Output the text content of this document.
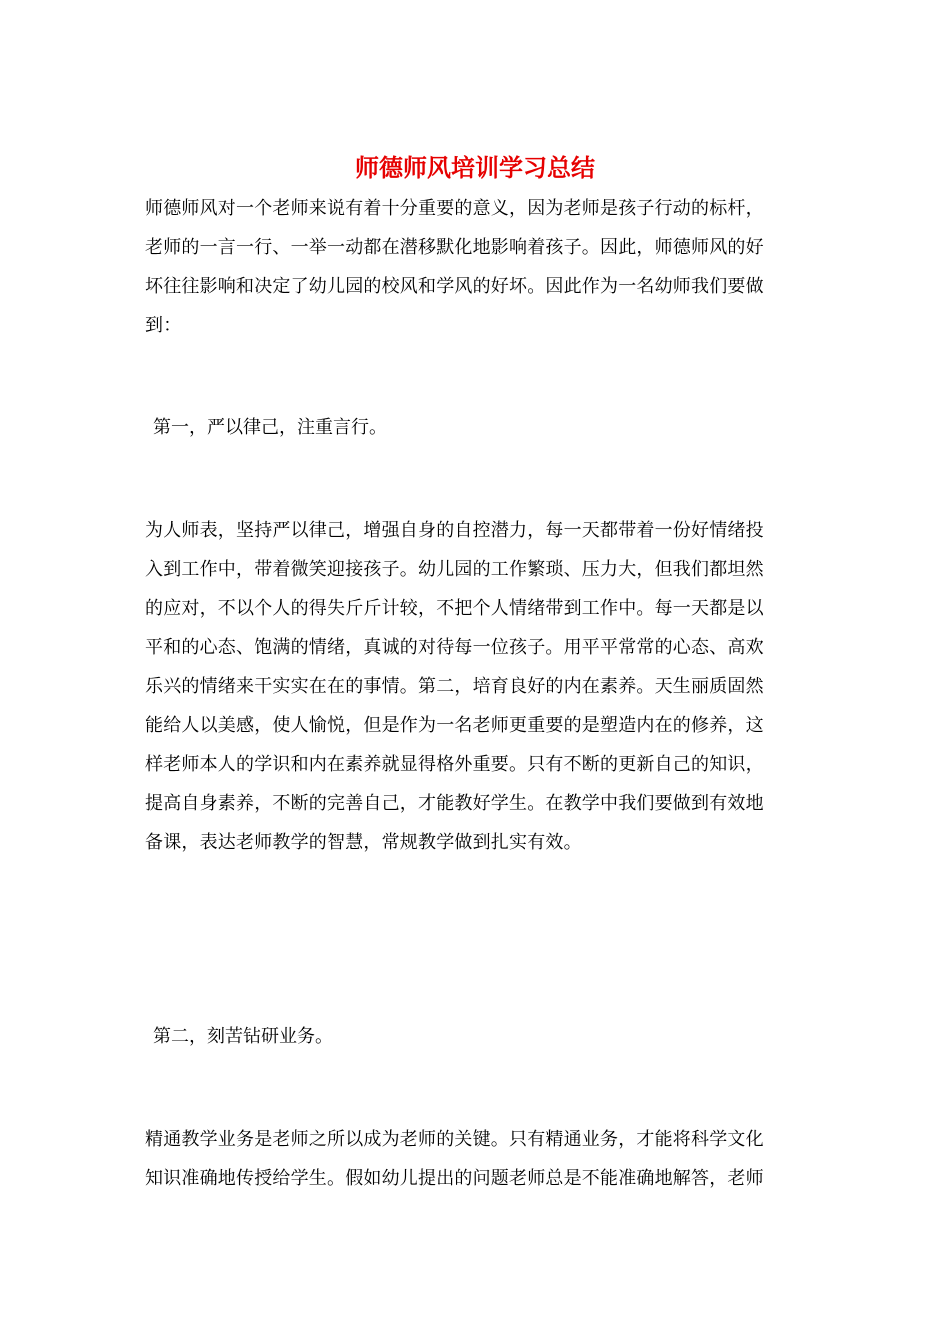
师德师风培训学习总结
师德师风对一个老师来说有着十分重要的意义，因为老师是孩子行动的标杆，
老师的一言一行、一举一动都在潜移默化地影响着孩子。因此，师德师风的好
坏往往影响和决定了幼儿园的校风和学风的好坏。因此作为一名幼师我们要做
到：
第一，严以律己，注重言行。
为人师表，坚持严以律己，增强自身的自控潜力，每一天都带着一份好情绪投
入到工作中，带着微笑迎接孩子。幼儿园的工作繁琐、压力大，但我们都坦然
的应对，不以个人的得失斤斤计较，不把个人情绪带到工作中。每一天都是以
平和的心态、饱满的情绪，真诚的对待每一位孩子。用平平常常的心态、高欢
乐兴的情绪来干实实在在的事情。第二，培育良好的内在素养。天生丽质固然
能给人以美感，使人愉悦，但是作为一名老师更重要的是塑造内在的修养，这
样老师本人的学识和内在素养就显得格外重要。只有不断的更新自己的知识，
提高自身素养，不断的完善自己，才能教好学生。在教学中我们要做到有效地
备课，表达老师教学的智慧，常规教学做到扎实有效。
第二，刻苦钻研业务。
精通教学业务是老师之所以成为老师的关键。只有精通业务，才能将科学文化
知识准确地传授给学生。假如幼儿提出的问题老师总是不能准确地解答，老师
